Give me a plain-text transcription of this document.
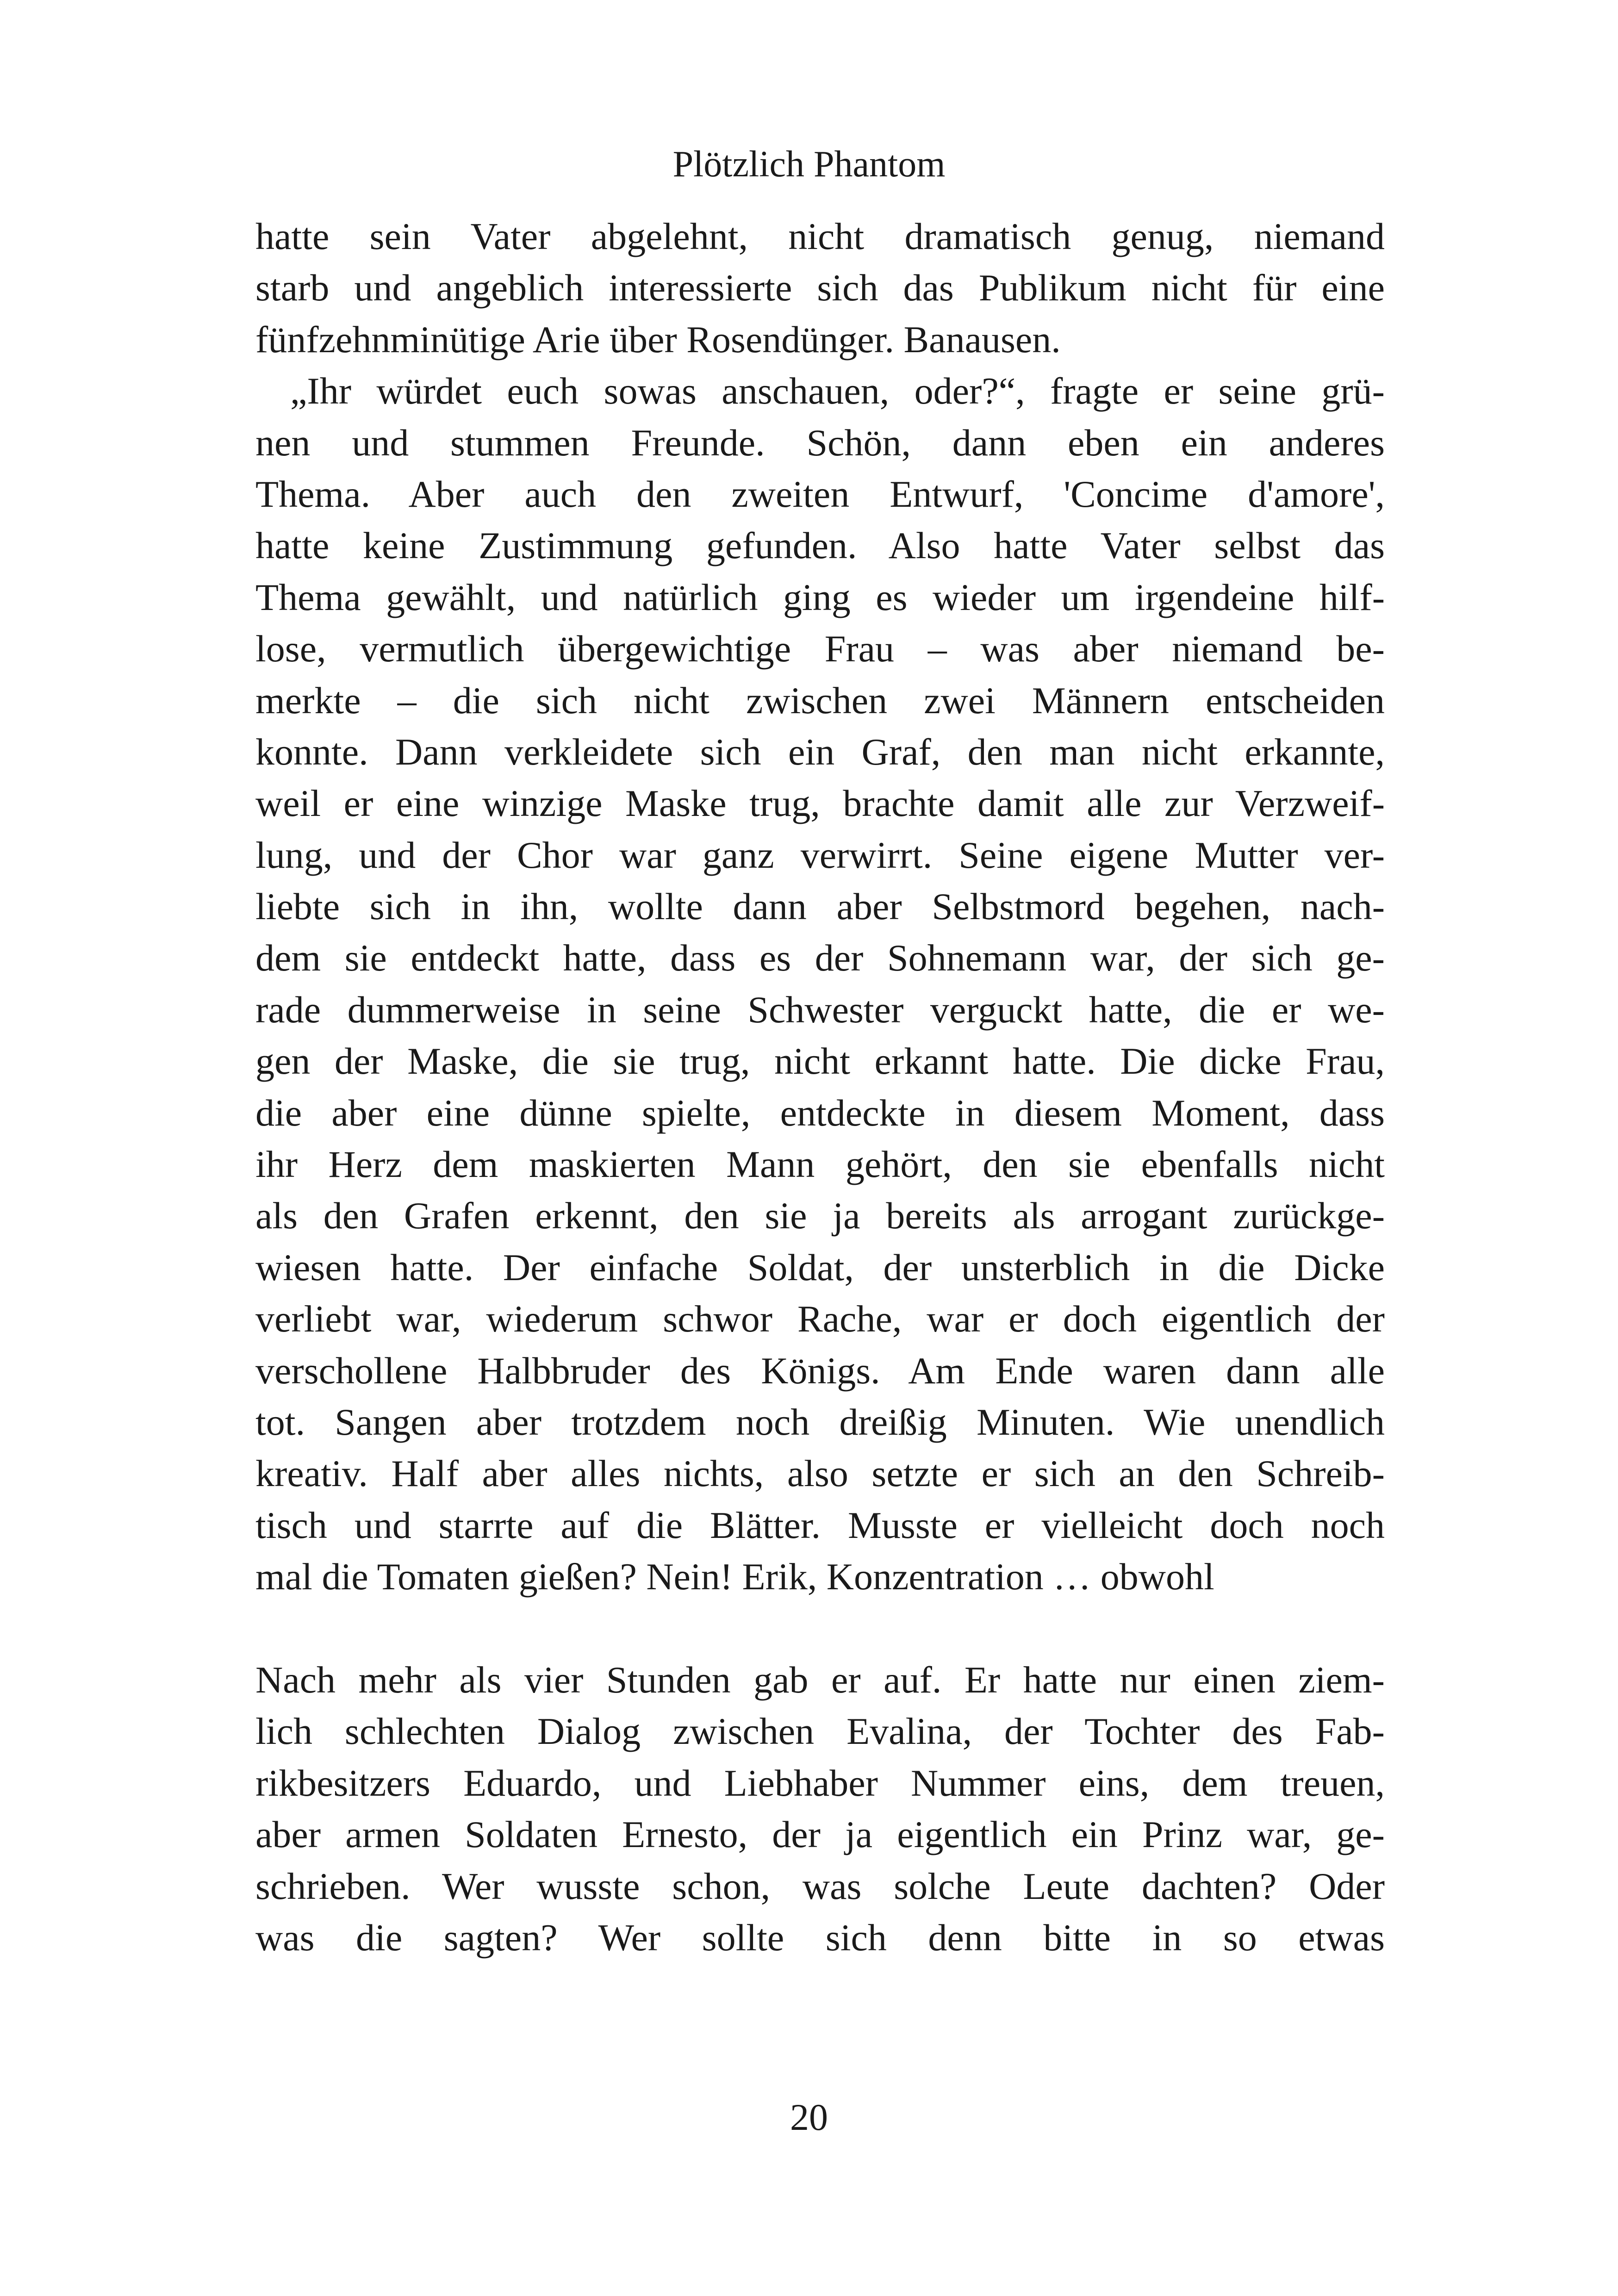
Plötzlich Phantom
hatte sein Vater abgelehnt, nicht dramatisch genug, niemand
starb und angeblich interessierte sich das Publikum nicht für eine
fünfzehnminütige Arie über Rosendünger. Banausen.
„Ihr würdet euch sowas anschauen, oder?“, fragte er seine grü-
nen und stummen Freunde. Schön, dann eben ein anderes
Thema. Aber auch den zweiten Entwurf, 'Concime d'amore',
hatte keine Zustimmung gefunden. Also hatte Vater selbst das
Thema gewählt, und natürlich ging es wieder um irgendeine hilf-
lose, vermutlich übergewichtige Frau – was aber niemand be-
merkte – die sich nicht zwischen zwei Männern entscheiden
konnte. Dann verkleidete sich ein Graf, den man nicht erkannte,
weil er eine winzige Maske trug, brachte damit alle zur Verzweif-
lung, und der Chor war ganz verwirrt. Seine eigene Mutter ver-
liebte sich in ihn, wollte dann aber Selbstmord begehen, nach-
dem sie entdeckt hatte, dass es der Sohnemann war, der sich ge-
rade dummerweise in seine Schwester verguckt hatte, die er we-
gen der Maske, die sie trug, nicht erkannt hatte. Die dicke Frau,
die aber eine dünne spielte, entdeckte in diesem Moment, dass
ihr Herz dem maskierten Mann gehört, den sie ebenfalls nicht
als den Grafen erkennt, den sie ja bereits als arrogant zurückge-
wiesen hatte. Der einfache Soldat, der unsterblich in die Dicke
verliebt war, wiederum schwor Rache, war er doch eigentlich der
verschollene Halbbruder des Königs. Am Ende waren dann alle
tot. Sangen aber trotzdem noch dreißig Minuten. Wie unendlich
kreativ. Half aber alles nichts, also setzte er sich an den Schreib-
tisch und starrte auf die Blätter. Musste er vielleicht doch noch
mal die Tomaten gießen? Nein! Erik, Konzentration … obwohl
Nach mehr als vier Stunden gab er auf. Er hatte nur einen ziem-
lich schlechten Dialog zwischen Evalina, der Tochter des Fab-
rikbesitzers Eduardo, und Liebhaber Nummer eins, dem treuen,
aber armen Soldaten Ernesto, der ja eigentlich ein Prinz war, ge-
schrieben. Wer wusste schon, was solche Leute dachten? Oder
was die sagten? Wer sollte sich denn bitte in so etwas
20
